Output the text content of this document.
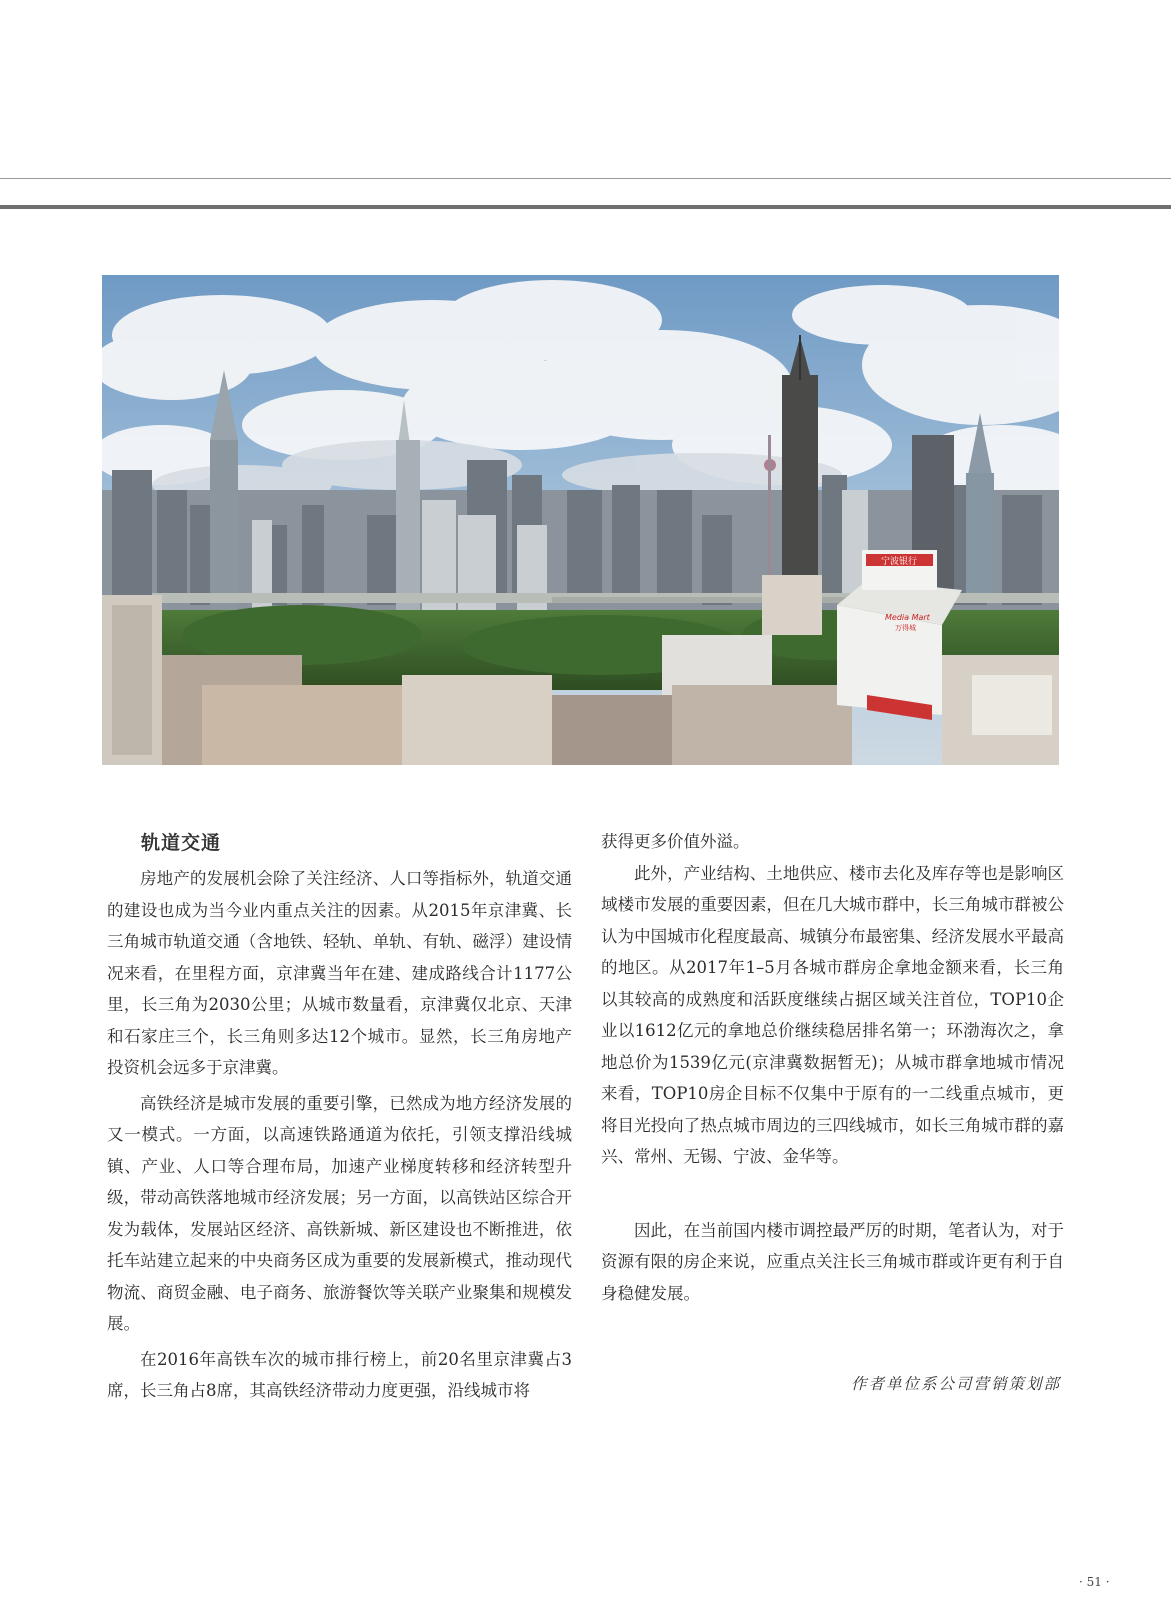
宁波银行
Media Mart
万得城
轨道交通

房地产的发展机会除了关注经济、人口等指标外，轨道交通的建设也成为当今业内重点关注的因素。从2015年京津冀、长三角城市轨道交通（含地铁、轻轨、单轨、有轨、磁浮）建设情况来看，在里程方面，京津冀当年在建、建成路线合计1177公里，长三角为2030公里；从城市数量看，京津冀仅北京、天津和石家庄三个，长三角则多达12个城市。显然，长三角房地产投资机会远多于京津冀。

高铁经济是城市发展的重要引擎，已然成为地方经济发展的又一模式。一方面，以高速铁路通道为依托，引领支撑沿线城镇、产业、人口等合理布局，加速产业梯度转移和经济转型升级，带动高铁落地城市经济发展；另一方面，以高铁站区综合开发为载体，发展站区经济、高铁新城、新区建设也不断推进，依托车站建立起来的中央商务区成为重要的发展新模式，推动现代物流、商贸金融、电子商务、旅游餐饮等关联产业聚集和规模发展。

在2016年高铁车次的城市排行榜上，前20名里京津冀占3席，长三角占8席，其高铁经济带动力度更强，沿线城市将

获得更多价值外溢。

此外，产业结构、土地供应、楼市去化及库存等也是影响区域楼市发展的重要因素，但在几大城市群中，长三角城市群被公认为中国城市化程度最高、城镇分布最密集、经济发展水平最高的地区。从2017年1–5月各城市群房企拿地金额来看，长三角以其较高的成熟度和活跃度继续占据区域关注首位，TOP10企业以1612亿元的拿地总价继续稳居排名第一；环渤海次之，拿地总价为1539亿元(京津冀数据暂无)；从城市群拿地城市情况来看，TOP10房企目标不仅集中于原有的一二线重点城市，更将目光投向了热点城市周边的三四线城市，如长三角城市群的嘉兴、常州、无锡、宁波、金华等。

因此，在当前国内楼市调控最严厉的时期，笔者认为，对于资源有限的房企来说，应重点关注长三角城市群或许更有利于自身稳健发展。

作者单位系公司营销策划部
· 51 ·
